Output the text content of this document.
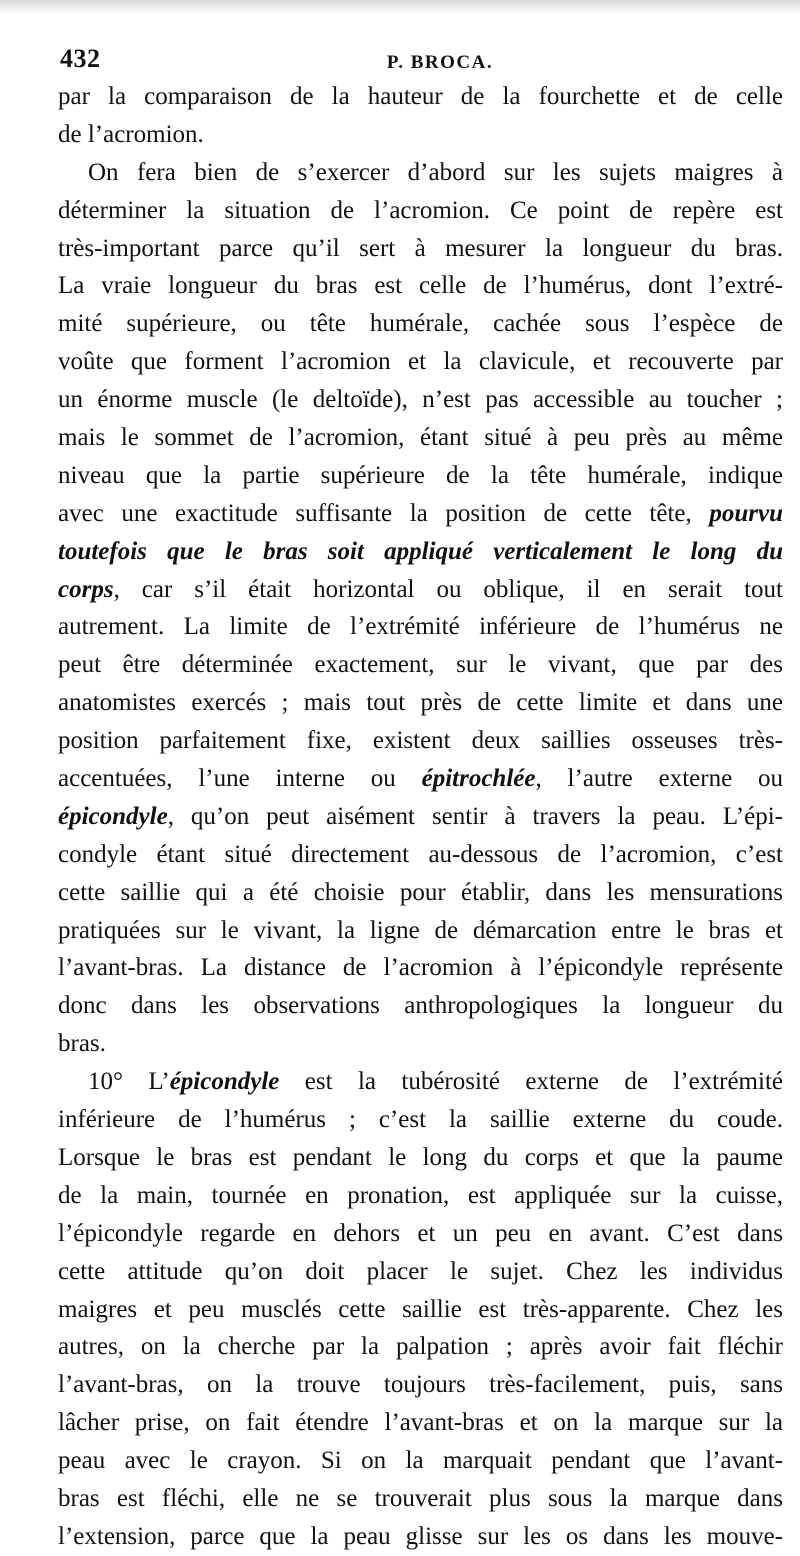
432	P. BROCA.
par la comparaison de la hauteur de la fourchette et de celle
de l’acromion.
On fera bien de s’exercer d’abord sur les sujets maigres à
déterminer la situation de l’acromion. Ce point de repère est
très-important parce qu’il sert à mesurer la longueur du bras.
La vraie longueur du bras est celle de l’humérus, dont l’extré-
mité supérieure, ou tête humérale, cachée sous l’espèce de
voûte que forment l’acromion et la clavicule, et recouverte par
un énorme muscle (le deltoïde), n’est pas accessible au toucher ;
mais le sommet de l’acromion, étant situé à peu près au même
niveau que la partie supérieure de la tête humérale, indique
avec une exactitude suffisante la position de cette tête, pourvu
toutefois que le bras soit appliqué verticalement le long du
corps, car s’il était horizontal ou oblique, il en serait tout
autrement. La limite de l’extrémité inférieure de l’humérus ne
peut être déterminée exactement, sur le vivant, que par des
anatomistes exercés ; mais tout près de cette limite et dans une
position parfaitement fixe, existent deux saillies osseuses très-
accentuées, l’une interne ou épitrochlée, l’autre externe ou
épicondyle, qu’on peut aisément sentir à travers la peau. L’épi-
condyle étant situé directement au-dessous de l’acromion, c’est
cette saillie qui a été choisie pour établir, dans les mensurations
pratiquées sur le vivant, la ligne de démarcation entre le bras et
l’avant-bras. La distance de l’acromion à l’épicondyle représente
donc dans les observations anthropologiques la longueur du
bras.
10° L’épicondyle est la tubérosité externe de l’extrémité
inférieure de l’humérus ; c’est la saillie externe du coude.
Lorsque le bras est pendant le long du corps et que la paume
de la main, tournée en pronation, est appliquée sur la cuisse,
l’épicondyle regarde en dehors et un peu en avant. C’est dans
cette attitude qu’on doit placer le sujet. Chez les individus
maigres et peu musclés cette saillie est très-apparente. Chez les
autres, on la cherche par la palpation ; après avoir fait fléchir
l’avant-bras, on la trouve toujours très-facilement, puis, sans
lâcher prise, on fait étendre l’avant-bras et on la marque sur la
peau avec le crayon. Si on la marquait pendant que l’avant-
bras est fléchi, elle ne se trouverait plus sous la marque dans
l’extension, parce que la peau glisse sur les os dans les mouve-
